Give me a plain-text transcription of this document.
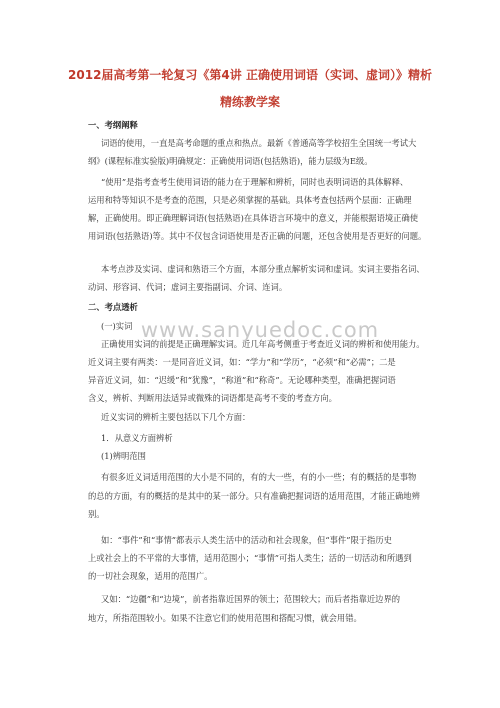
2012届高考第一轮复习《第4讲 正确使用词语（实词、虚词）》精析
精练教学案
一、考纲阐释
词语的使用，一直是高考命题的重点和热点。最新《普通高等学校招生全国统一考试大
纲》(课程标准实验版)明确规定：正确使用词语(包括熟语)，能力层级为E级。
“使用”是指考查考生使用词语的能力在于理解和辨析，同时也表明词语的具体解释、
运用和特等知识不是考查的范围，只是必须掌握的基础。具体考查包括两个层面：正确理
解，正确使用。即正确理解词语(包括熟语)在具体语言环境中的意义，并能根据语境正确使
用词语(包括熟语)等。其中不仅包含词语使用是否正确的问题，还包含使用是否更好的问题。
本考点涉及实词、虚词和熟语三个方面，本部分重点解析实词和虚词。实词主要指名词、
动词、形容词、代词；虚词主要指副词、介词、连词。
二、考点透析
(一)实词
正确使用实词的前提是正确理解实词。近几年高考侧重于考查近义词的辨析和使用能力。
近义词主要有两类：一是同音近义词，如：“学力”和“学历”，“必须”和“必需”；二是
异音近义词，如：“迟缓”和“犹豫”，“称道”和“称奇”。无论哪种类型，准确把握词语
含义，辨析、判断用法适异或微殊的词语都是高考不变的考查方向。
近义实词的辨析主要包括以下几个方面：
1．从意义方面辨析
(1)辨明范围
有很多近义词适用范围的大小是不同的，有的大一些，有的小一些；有的概括的是事物
的总的方面，有的概括的是其中的某一部分。只有准确把握词语的适用范围，才能正确地辨
别。
如：“事件”和“事情”都表示人类生活中的活动和社会现象，但“事件”限于指历史
上或社会上的不平常的大事情，适用范围小；“事情”可指人类生；活的一切活动和所遇到
的一切社会现象，适用的范围广。
又如：“边疆”和“边境”，前者指靠近国界的领土；范围较大；而后者指靠近边界的
地方，所指范围较小。如果不注意它们的使用范围和搭配习惯，就会用错。
www.sanyuedoc.com
